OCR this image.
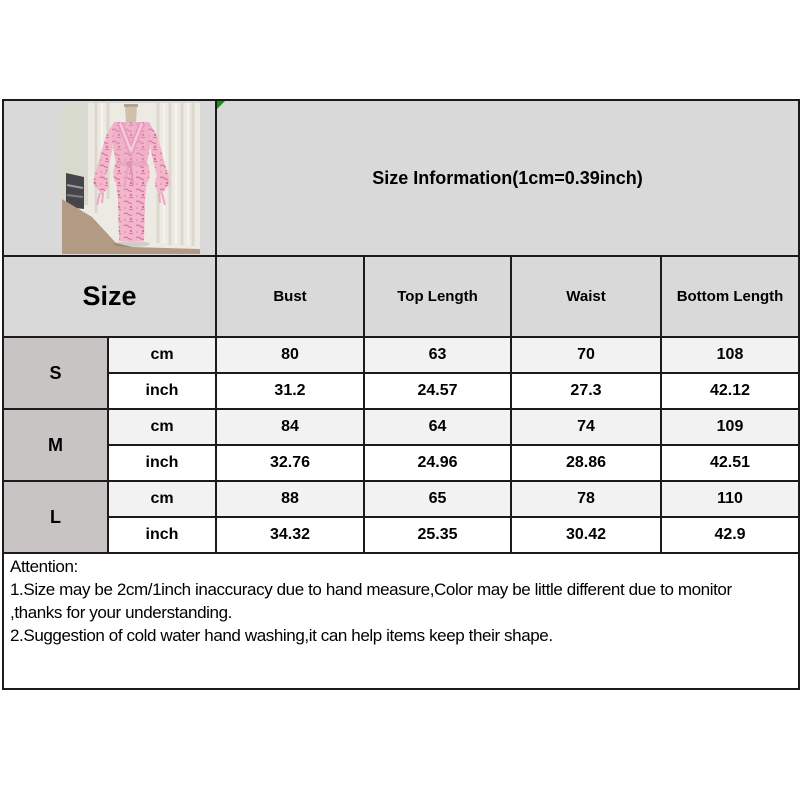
Size Information(1cm=0.39inch)			
Size		Bust	Top Length	Waist	Bottom Length
S	cm	80	63	70	108
	inch	31.2	24.57	27.3	42.12
M	cm	84	64	74	109
	inch	32.76	24.96	28.86	42.51
L	cm	88	65	78	110
	inch	34.32	25.35	30.42	42.9

Attention:
1.Size may be 2cm/1inch inaccuracy due to hand measure,Color may be little different due to monitor
,thanks for your understanding.
2.Suggestion of cold water hand washing,it can help items keep their shape.					
